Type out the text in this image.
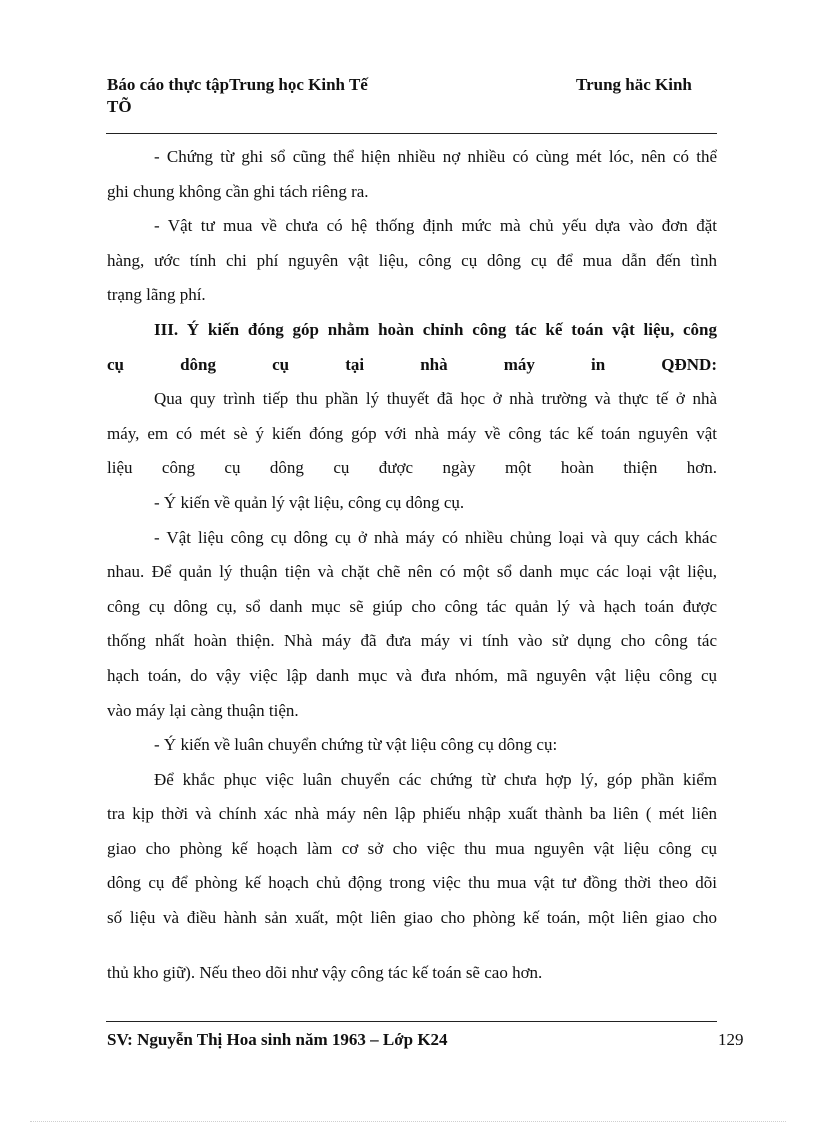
Báo cáo thực tậpTrung học Kinh Tế
TÕ
Trung häc Kinh

- Chứng từ ghi sổ cũng thể hiện nhiều nợ nhiều có cùng mét lóc, nên có thể

ghi chung không cần ghi tách riêng ra.

- Vật tư mua về chưa có hệ thống định mức mà chủ yếu dựa vào đơn đặt

hàng, ước tính chi phí nguyên vật liệu, công cụ dông cụ để mua dẫn đến tình

trạng lãng phí.

III. Ý kiến đóng góp nhằm hoàn chỉnh công tác kế toán vật liệu, công

cụ dông cụ tại nhà máy in QĐND:

Qua quy trình tiếp thu phần lý thuyết đã học ở nhà trường và thực tế ở nhà

máy, em có mét sè ý kiến đóng góp với nhà máy về công tác kế toán nguyên vật

liệu công cụ dông cụ được ngày một hoàn thiện hơn.

- Ý kiến về quản lý vật liệu, công cụ dông cụ.

- Vật liệu công cụ dông cụ ở nhà máy có nhiều chủng loại và quy cách khác

nhau. Để quản lý thuận tiện và chặt chẽ nên có một sổ danh mục các loại vật liệu,

công cụ dông cụ, sổ danh mục sẽ giúp cho công tác quản lý và hạch toán được

thống nhất hoàn thiện. Nhà máy đã đưa máy vi tính vào sử dụng cho công tác

hạch toán, do vậy việc lập danh mục và đưa nhóm, mã nguyên vật liệu công cụ

vào máy lại càng thuận tiện.

- Ý kiến về luân chuyển chứng từ vật liệu công cụ dông cụ:

Để khắc phục việc luân chuyển các chứng từ chưa hợp lý, góp phần kiểm

tra kịp thời và chính xác nhà máy nên lập phiếu nhập xuất thành ba liên ( mét liên

giao cho phòng kế hoạch làm cơ sở cho việc thu mua nguyên vật liệu công cụ

dông cụ để phòng kế hoạch chủ động trong việc thu mua vật tư đồng thời theo dõi

số liệu và điều hành sản xuất, một liên giao cho phòng kế toán, một liên giao cho

thủ kho giữ). Nếu theo dõi như vậy công tác kế toán sẽ cao hơn.

SV: Nguyễn Thị Hoa sinh năm 1963 – Lớp K24	129
